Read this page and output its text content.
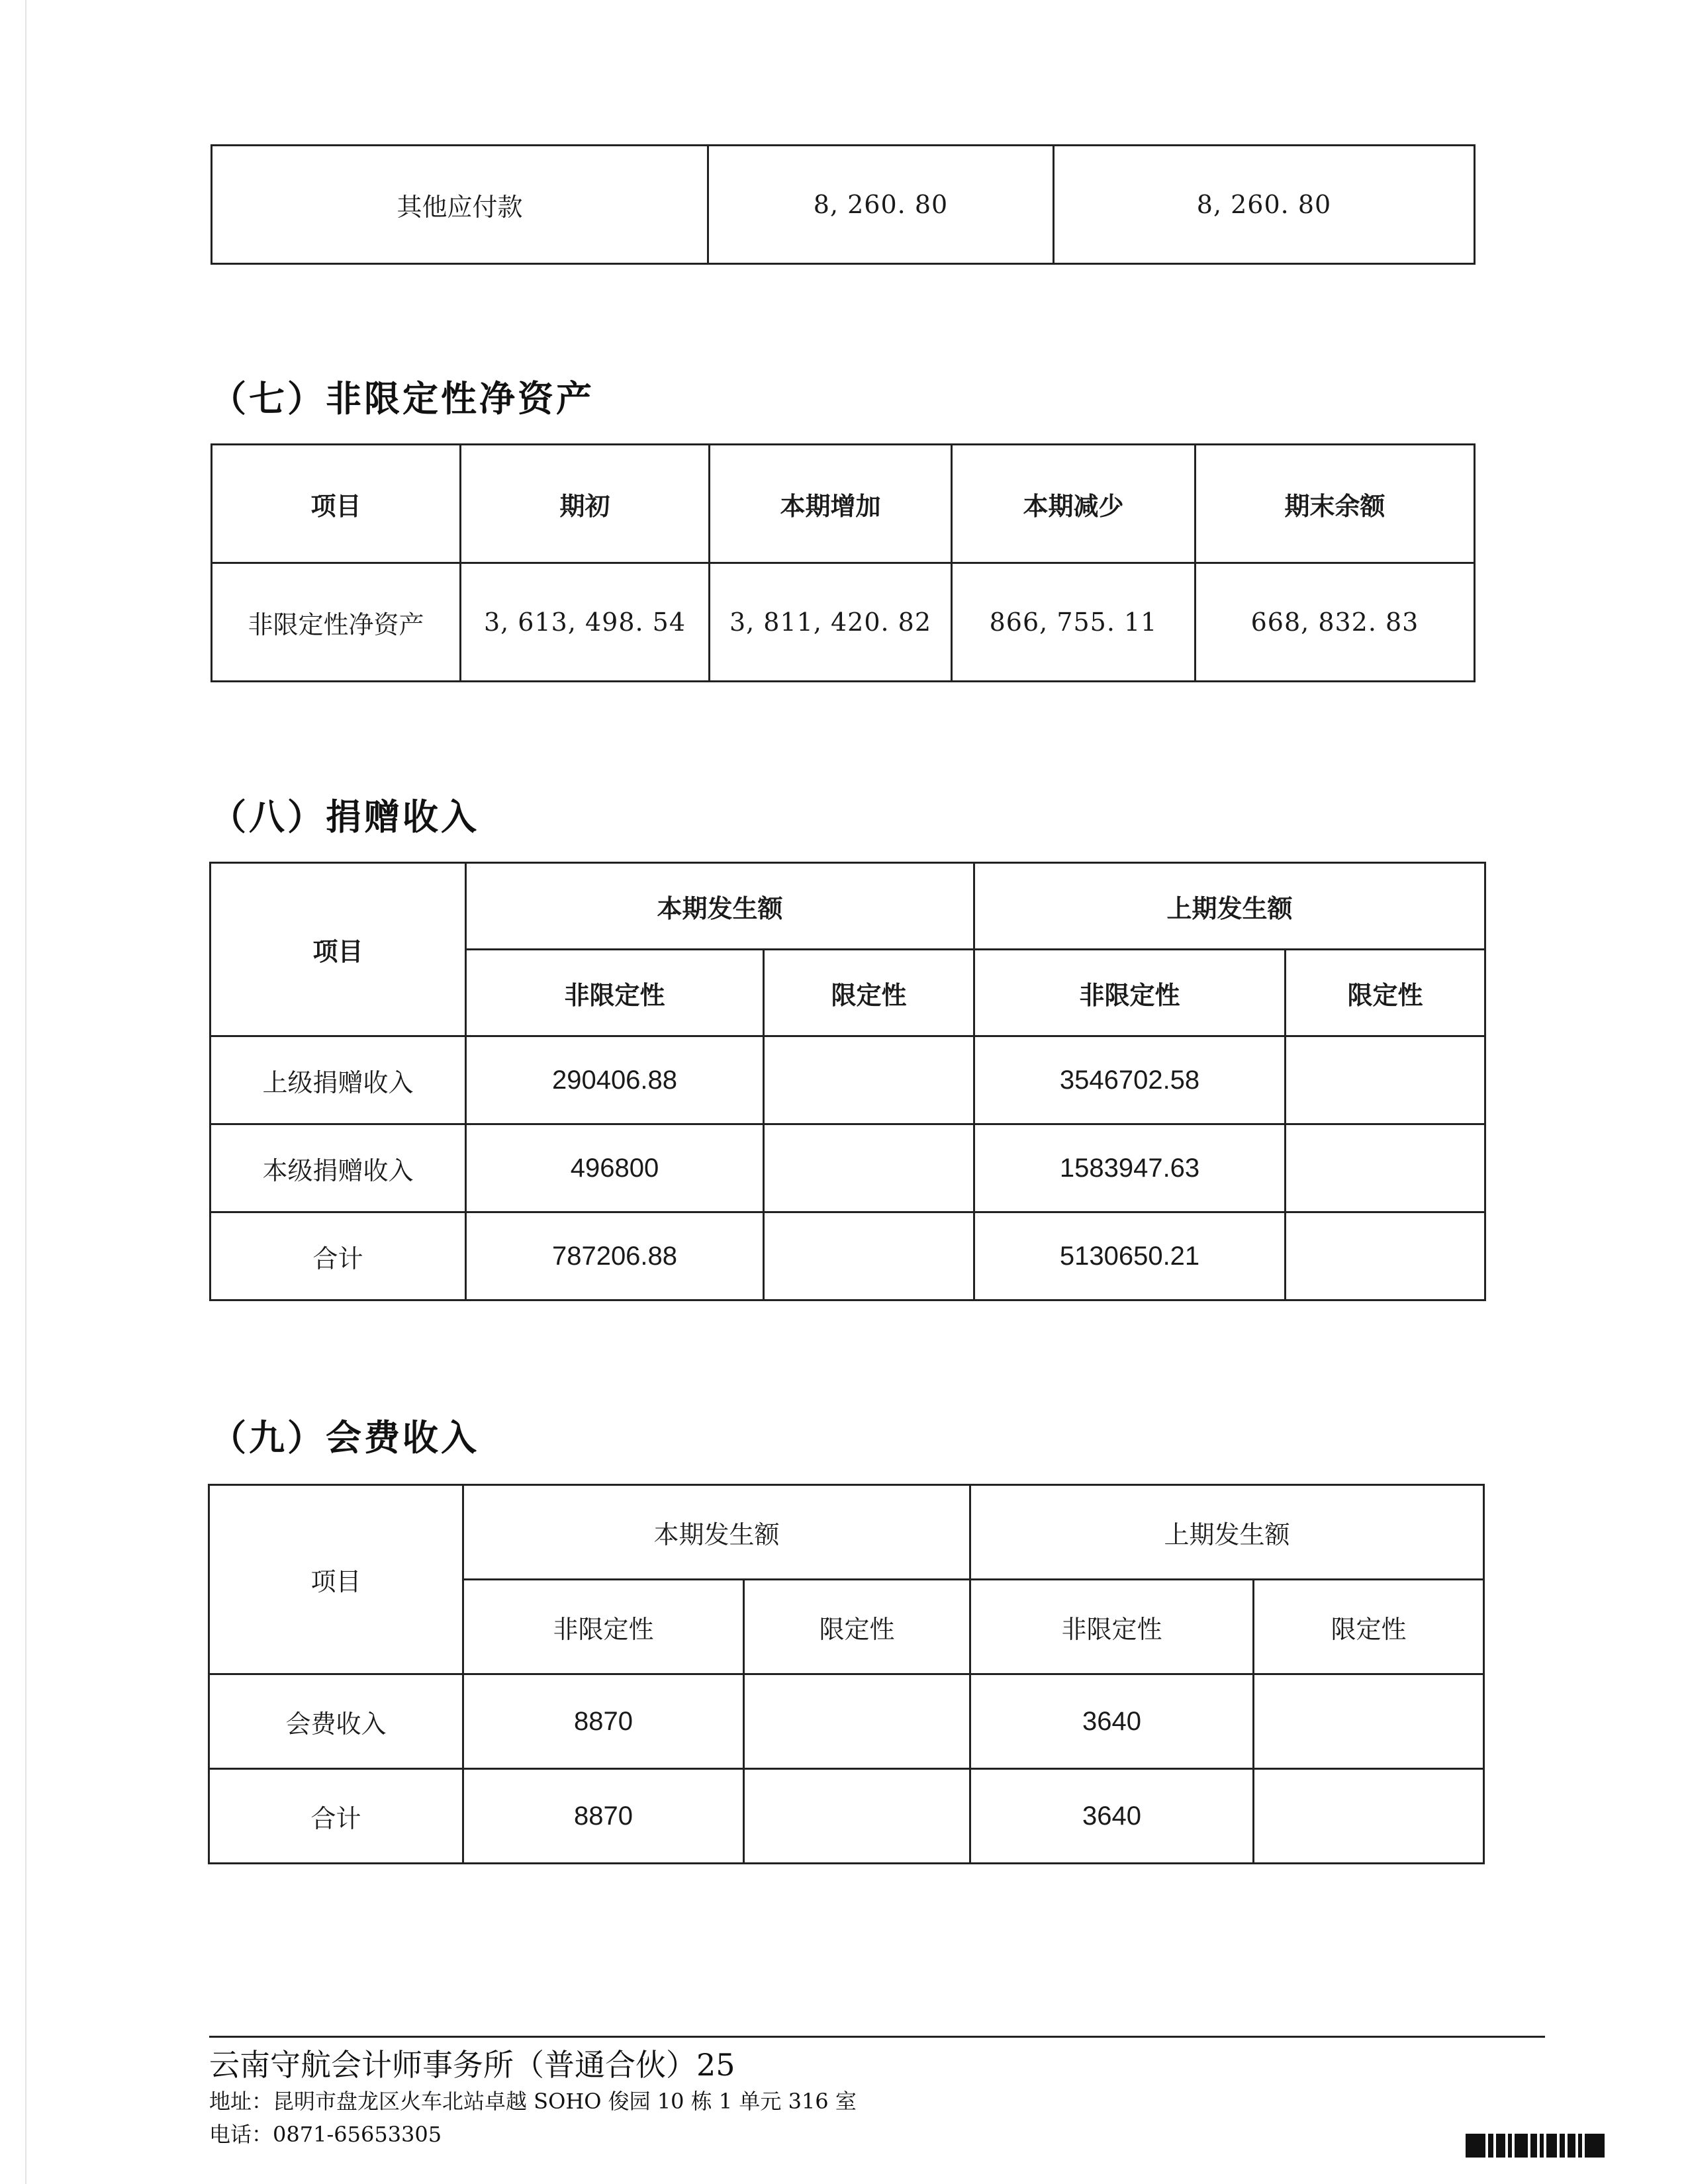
其他应付款	8, 260. 80	8, 260. 80
（七）非限定性净资产
项目	期初	本期增加	本期减少	期末余额
非限定性净资产	3, 613, 498. 54	3, 811, 420. 82	866, 755. 11	668, 832. 83
（八）捐赠收入
项目	本期发生额		上期发生额	
	非限定性	限定性	非限定性	限定性
上级捐赠收入	290406.88		3546702.58	
本级捐赠收入	496800		1583947.63	
合计	787206.88		5130650.21	
（九）会费收入
项目	本期发生额		上期发生额	
	非限定性	限定性	非限定性	限定性
会费收入	8870		3640	
合计	8870		3640	
云南守航会计师事务所（普通合伙）25
地址：昆明市盘龙区火车北站卓越 SOHO 俊园 10 栋 1 单元 316 室
电话：0871-65653305
